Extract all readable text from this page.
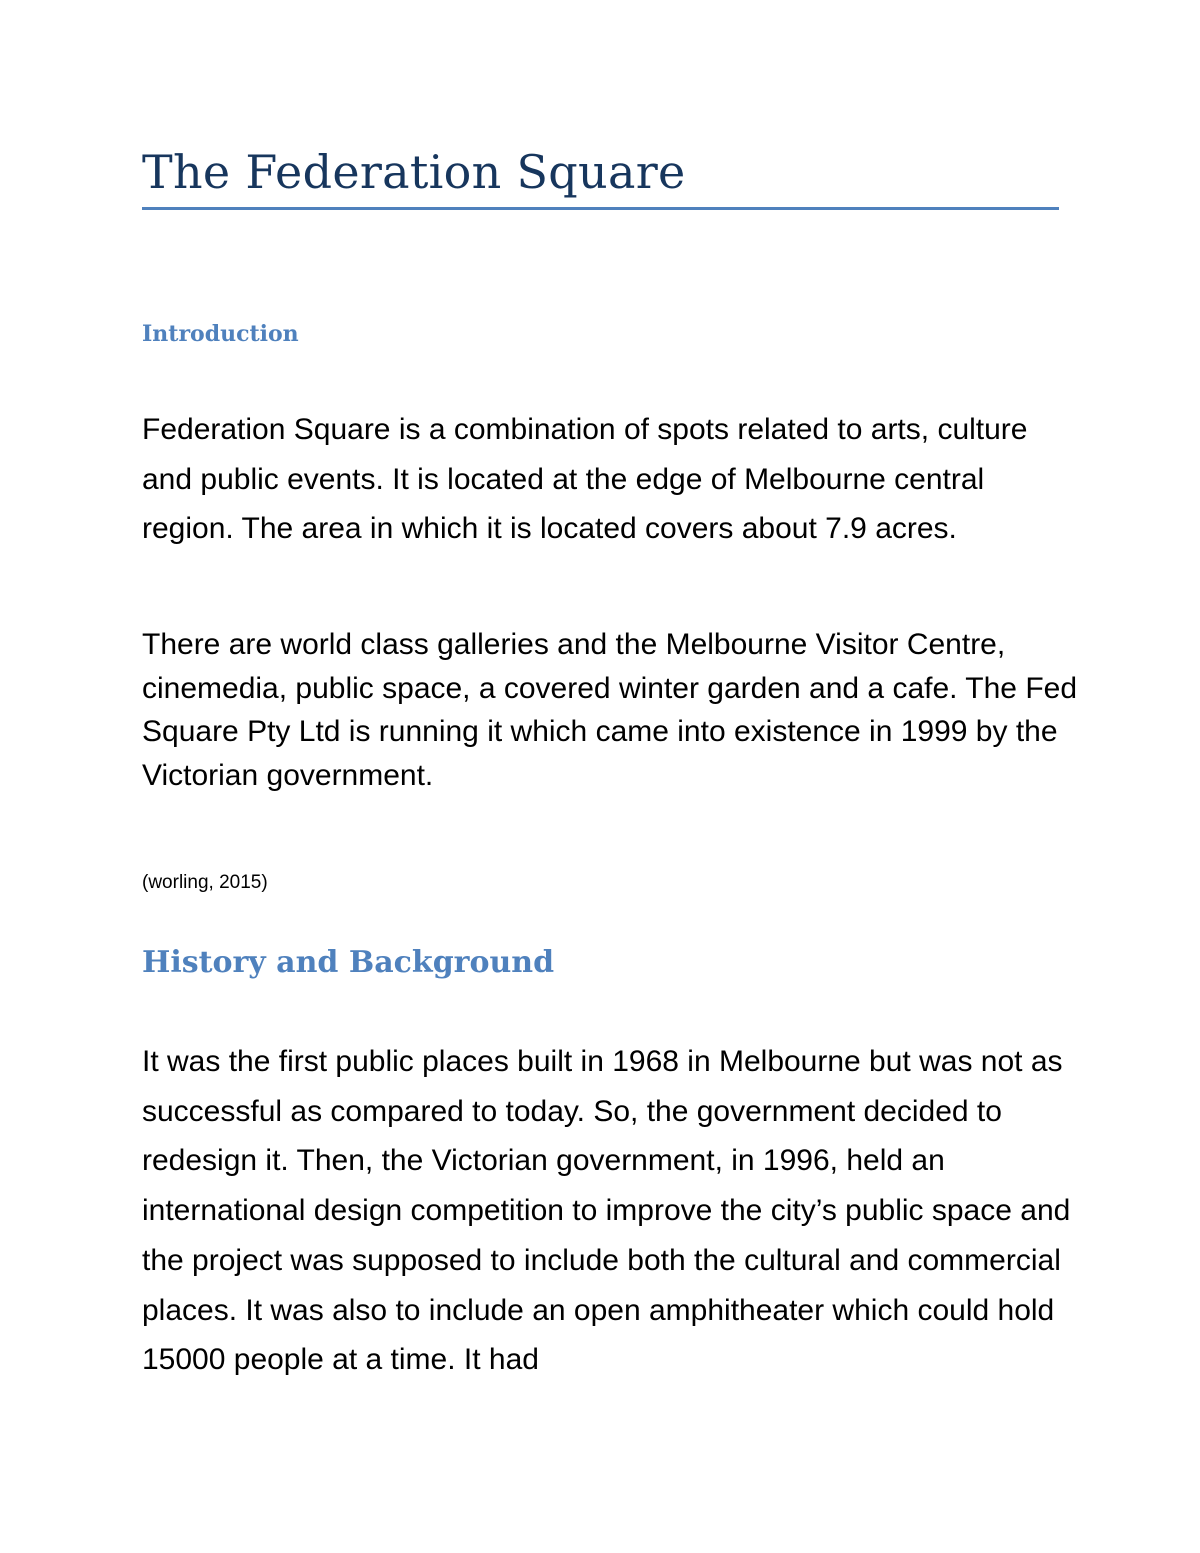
The Federation Square
Introduction

Federation Square is a combination of spots related to arts, culture and public events. It is located at the edge of Melbourne central region. The area in which it is located covers about 7.9 acres.

There are world class galleries and the Melbourne Visitor Centre, cinemedia, public space, a covered winter garden and a cafe. The Fed Square Pty Ltd is running it which came into existence in 1999 by the Victorian government.

(worling, 2015)

History and Background

It was the first public places built in 1968 in Melbourne but was not as successful as compared to today. So, the government decided to redesign it. Then, the Victorian government, in 1996, held an international design competition to improve the city’s public space and the project was supposed to include both the cultural and commercial places. It was also to include an open amphitheater which could hold 15000 people at a time. It had
